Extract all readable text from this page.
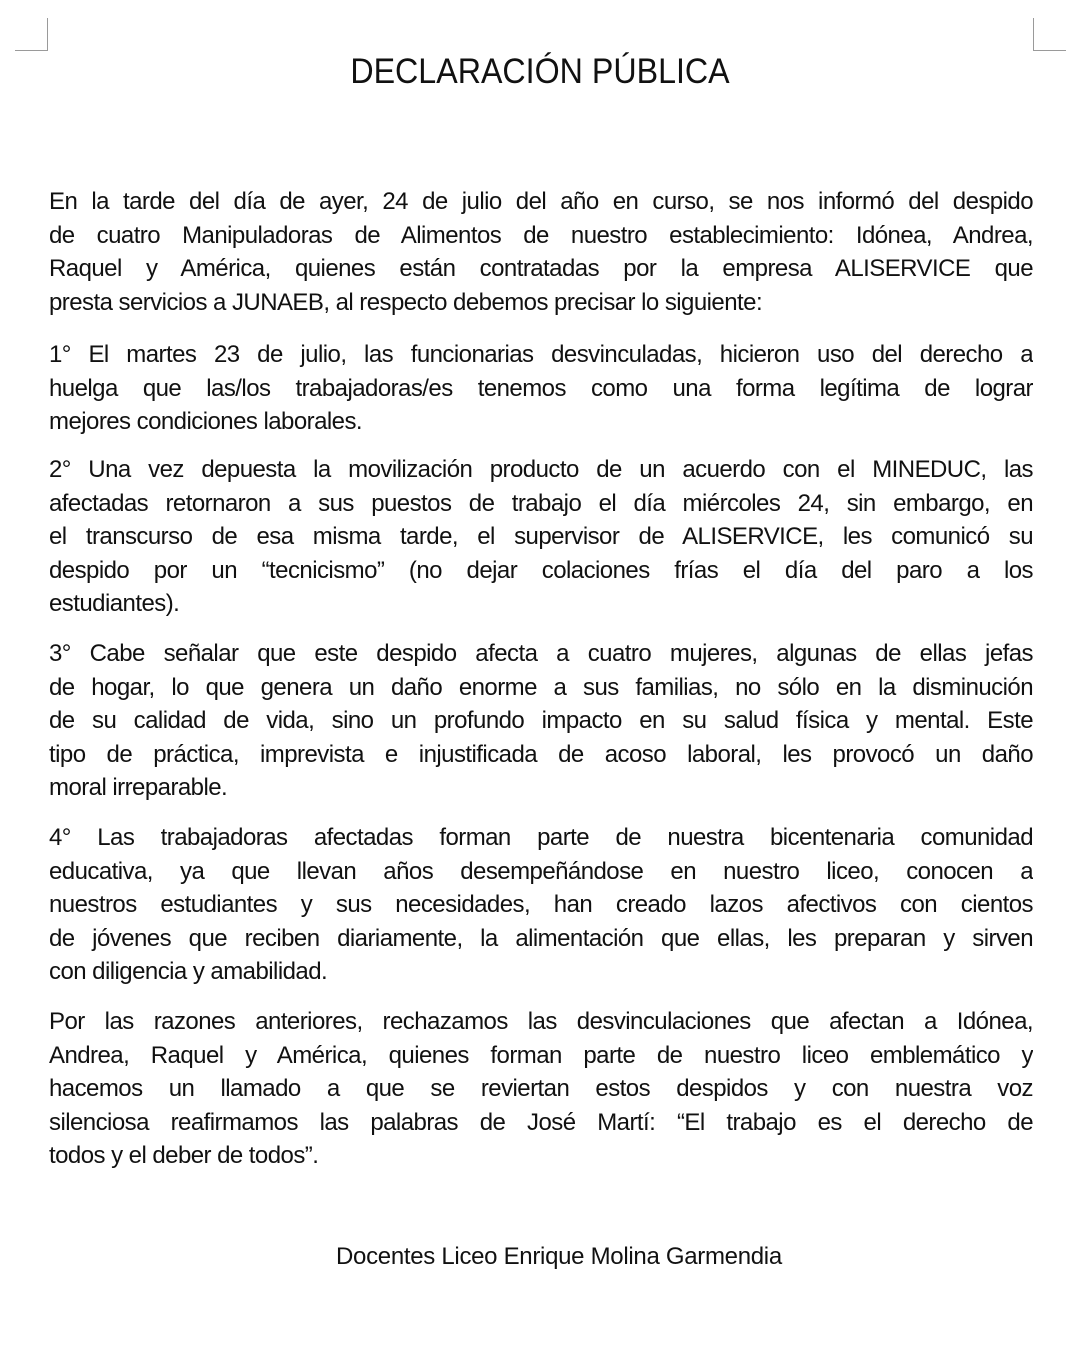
DECLARACIÓN PÚBLICA
En la tarde del día de ayer, 24 de julio del año en curso, se nos informó del despido
de cuatro Manipuladoras de Alimentos de nuestro establecimiento: Idónea, Andrea,
Raquel y América, quienes están contratadas por la empresa ALISERVICE que
presta servicios a JUNAEB, al respecto debemos precisar lo siguiente:
1° El martes 23 de julio, las funcionarias desvinculadas, hicieron uso del derecho a
huelga que las/los trabajadoras/es tenemos como una forma legítima de lograr
mejores condiciones laborales.
2° Una vez depuesta la movilización producto de un acuerdo con el MINEDUC, las
afectadas retornaron a sus puestos de trabajo el día miércoles 24, sin embargo, en
el transcurso de esa misma tarde, el supervisor de ALISERVICE, les comunicó su
despido por un “tecnicismo” (no dejar colaciones frías el día del paro a los
estudiantes).
3° Cabe señalar que este despido afecta a cuatro mujeres, algunas de ellas jefas
de hogar, lo que genera un daño enorme a sus familias, no sólo en la disminución
de su calidad de vida, sino un profundo impacto en su salud física y mental. Este
tipo de práctica, imprevista e injustificada de acoso laboral, les provocó un daño
moral irreparable.
4° Las trabajadoras afectadas forman parte de nuestra bicentenaria comunidad
educativa, ya que llevan años desempeñándose en nuestro liceo, conocen a
nuestros estudiantes y sus necesidades, han creado lazos afectivos con cientos
de jóvenes que reciben diariamente, la alimentación que ellas, les preparan y sirven
con diligencia y amabilidad.
Por las razones anteriores, rechazamos las desvinculaciones que afectan a Idónea,
Andrea, Raquel y América, quienes forman parte de nuestro liceo emblemático y
hacemos un llamado a que se reviertan estos despidos y con nuestra voz
silenciosa reafirmamos las palabras de José Martí: “El trabajo es el derecho de
todos y el deber de todos”.
Docentes Liceo Enrique Molina Garmendia
